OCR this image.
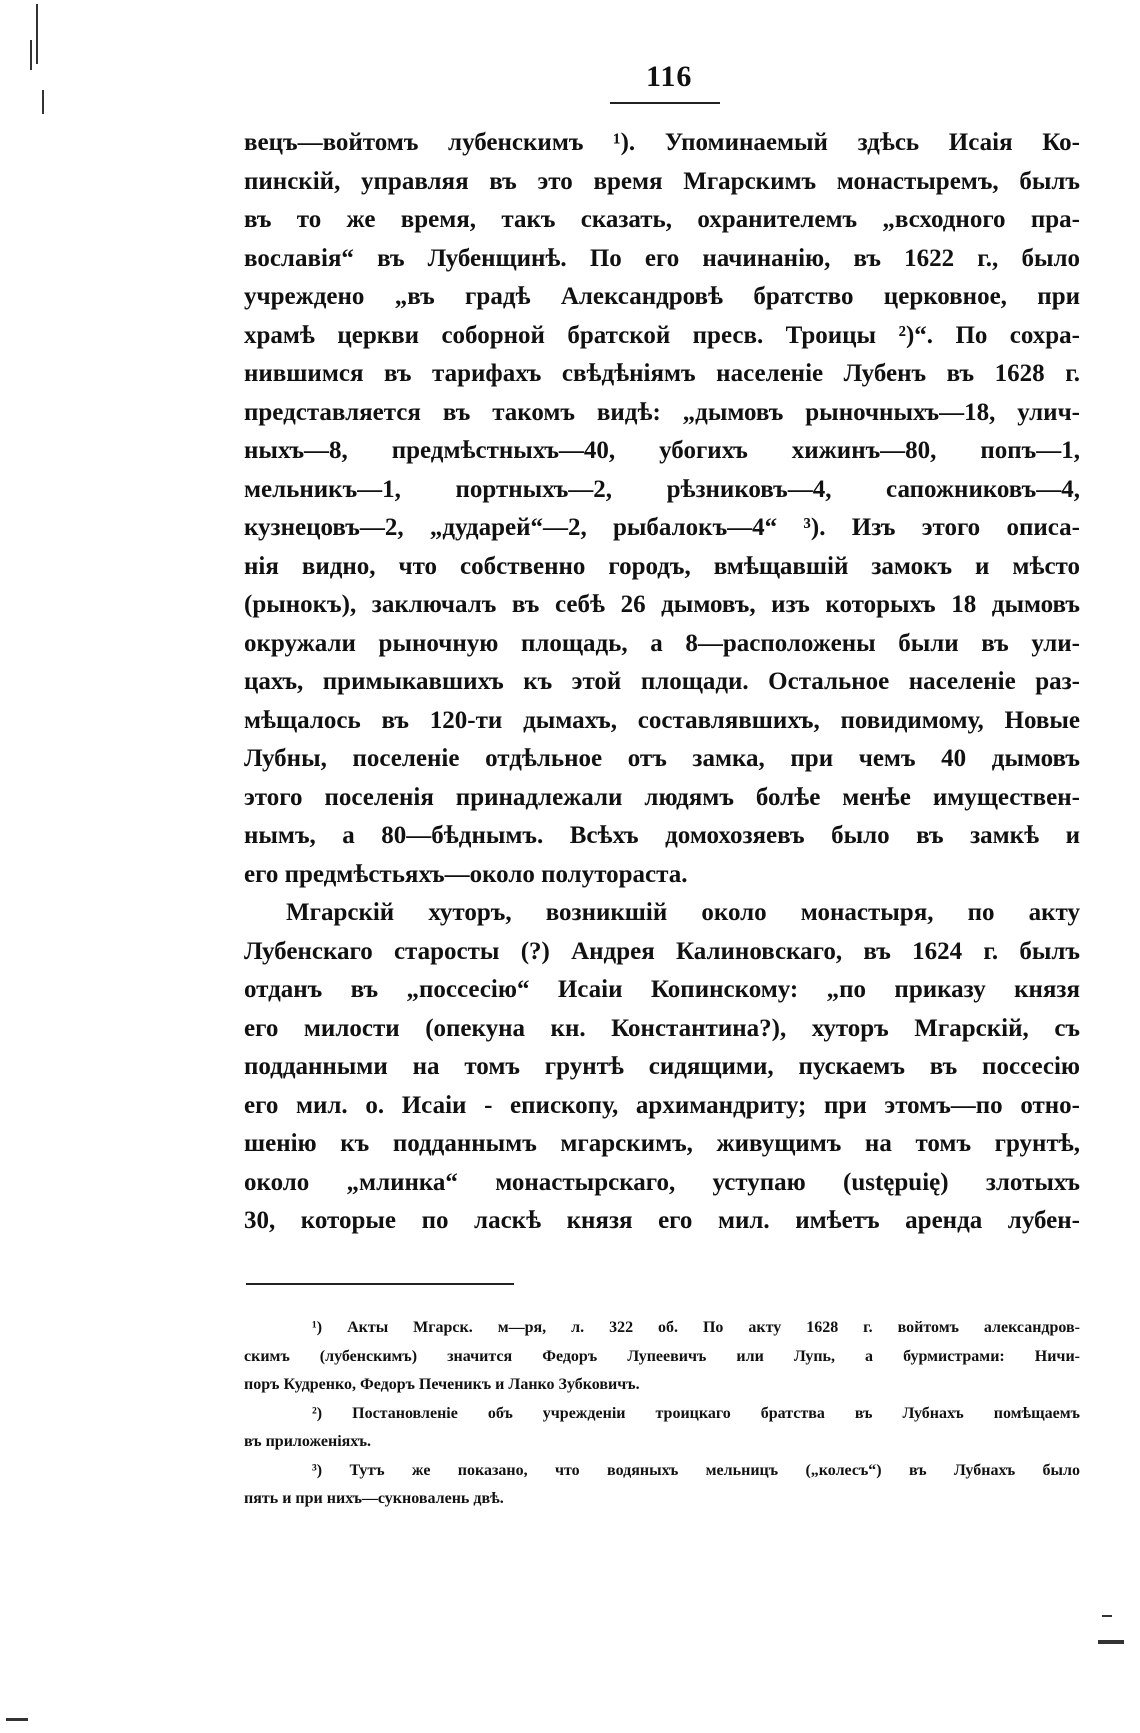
116
вецъ—войтомъ лубенскимъ ¹). Упоминаемый здѣсь Исаія Ко-
пинскій, управляя въ это время Мгарскимъ монастыремъ, былъ
въ то же время, такъ сказать, охранителемъ „всходного пра-
вославія“ въ Лубенщинѣ. По его начинанію, въ 1622 г., было
учреждено „въ градѣ Александровѣ братство церковное, при
храмѣ церкви соборной братской пресв. Троицы ²)“. По сохра-
нившимся въ тарифахъ свѣдѣніямъ населеніе Лубенъ въ 1628 г.
представляется въ такомъ видѣ: „дымовъ рыночныхъ—18, улич-
ныхъ—8, предмѣстныхъ—40, убогихъ хижинъ—80, попъ—1,
мельникъ—1, портныхъ—2, рѣзниковъ—4, сапожниковъ—4,
кузнецовъ—2, „дударей“—2, рыбалокъ—4“ ³). Изъ этого описа-
нія видно, что собственно городъ, вмѣщавшій замокъ и мѣсто
(рынокъ), заключалъ въ себѣ 26 дымовъ, изъ которыхъ 18 дымовъ
окружали рыночную площадь, а 8—расположены были въ ули-
цахъ, примыкавшихъ къ этой площади. Остальное населеніе раз-
мѣщалось въ 120-ти дымахъ, составлявшихъ, повидимому, Новые
Лубны, поселеніе отдѣльное отъ замка, при чемъ 40 дымовъ
этого поселенія принадлежали людямъ болѣе менѣе имуществен-
нымъ, а 80—бѣднымъ. Всѣхъ домохозяевъ было въ замкѣ и
его предмѣстьяхъ—около полутораста.
Мгарскій хуторъ, возникшій около монастыря, по акту
Лубенскаго старосты (?) Андрея Калиновскаго, въ 1624 г. былъ
отданъ въ „поссесію“ Исаіи Копинскому: „по приказу князя
его милости (опекуна кн. Константина?), хуторъ Мгарскій, съ
подданными на томъ грунтѣ сидящими, пускаемъ въ поссесію
его мил. о. Исаіи - епископу, архимандриту; при этомъ—по отно-
шенію къ подданнымъ мгарскимъ, живущимъ на томъ грунтѣ,
около „млинка“ монастырскаго, уступаю (ustępuię) злотыхъ
30, которые по ласкѣ князя его мил. имѣетъ аренда лубен-
¹) Акты Мгарск. м—ря, л. 322 об. По акту 1628 г. войтомъ александров-
скимъ (лубенскимъ) значится Федоръ Лупеевичъ или Лупь, а бурмистрами: Ничи-
поръ Кудренко, Федоръ Печеникъ и Ланко Зубковичъ.
²) Постановленіе объ учрежденіи троицкаго братства въ Лубнахъ помѣщаемъ
въ приложеніяхъ.
³) Тутъ же показано, что водяныхъ мельницъ („колесъ“) въ Лубнахъ было
пять и при нихъ—сукновалень двѣ.
